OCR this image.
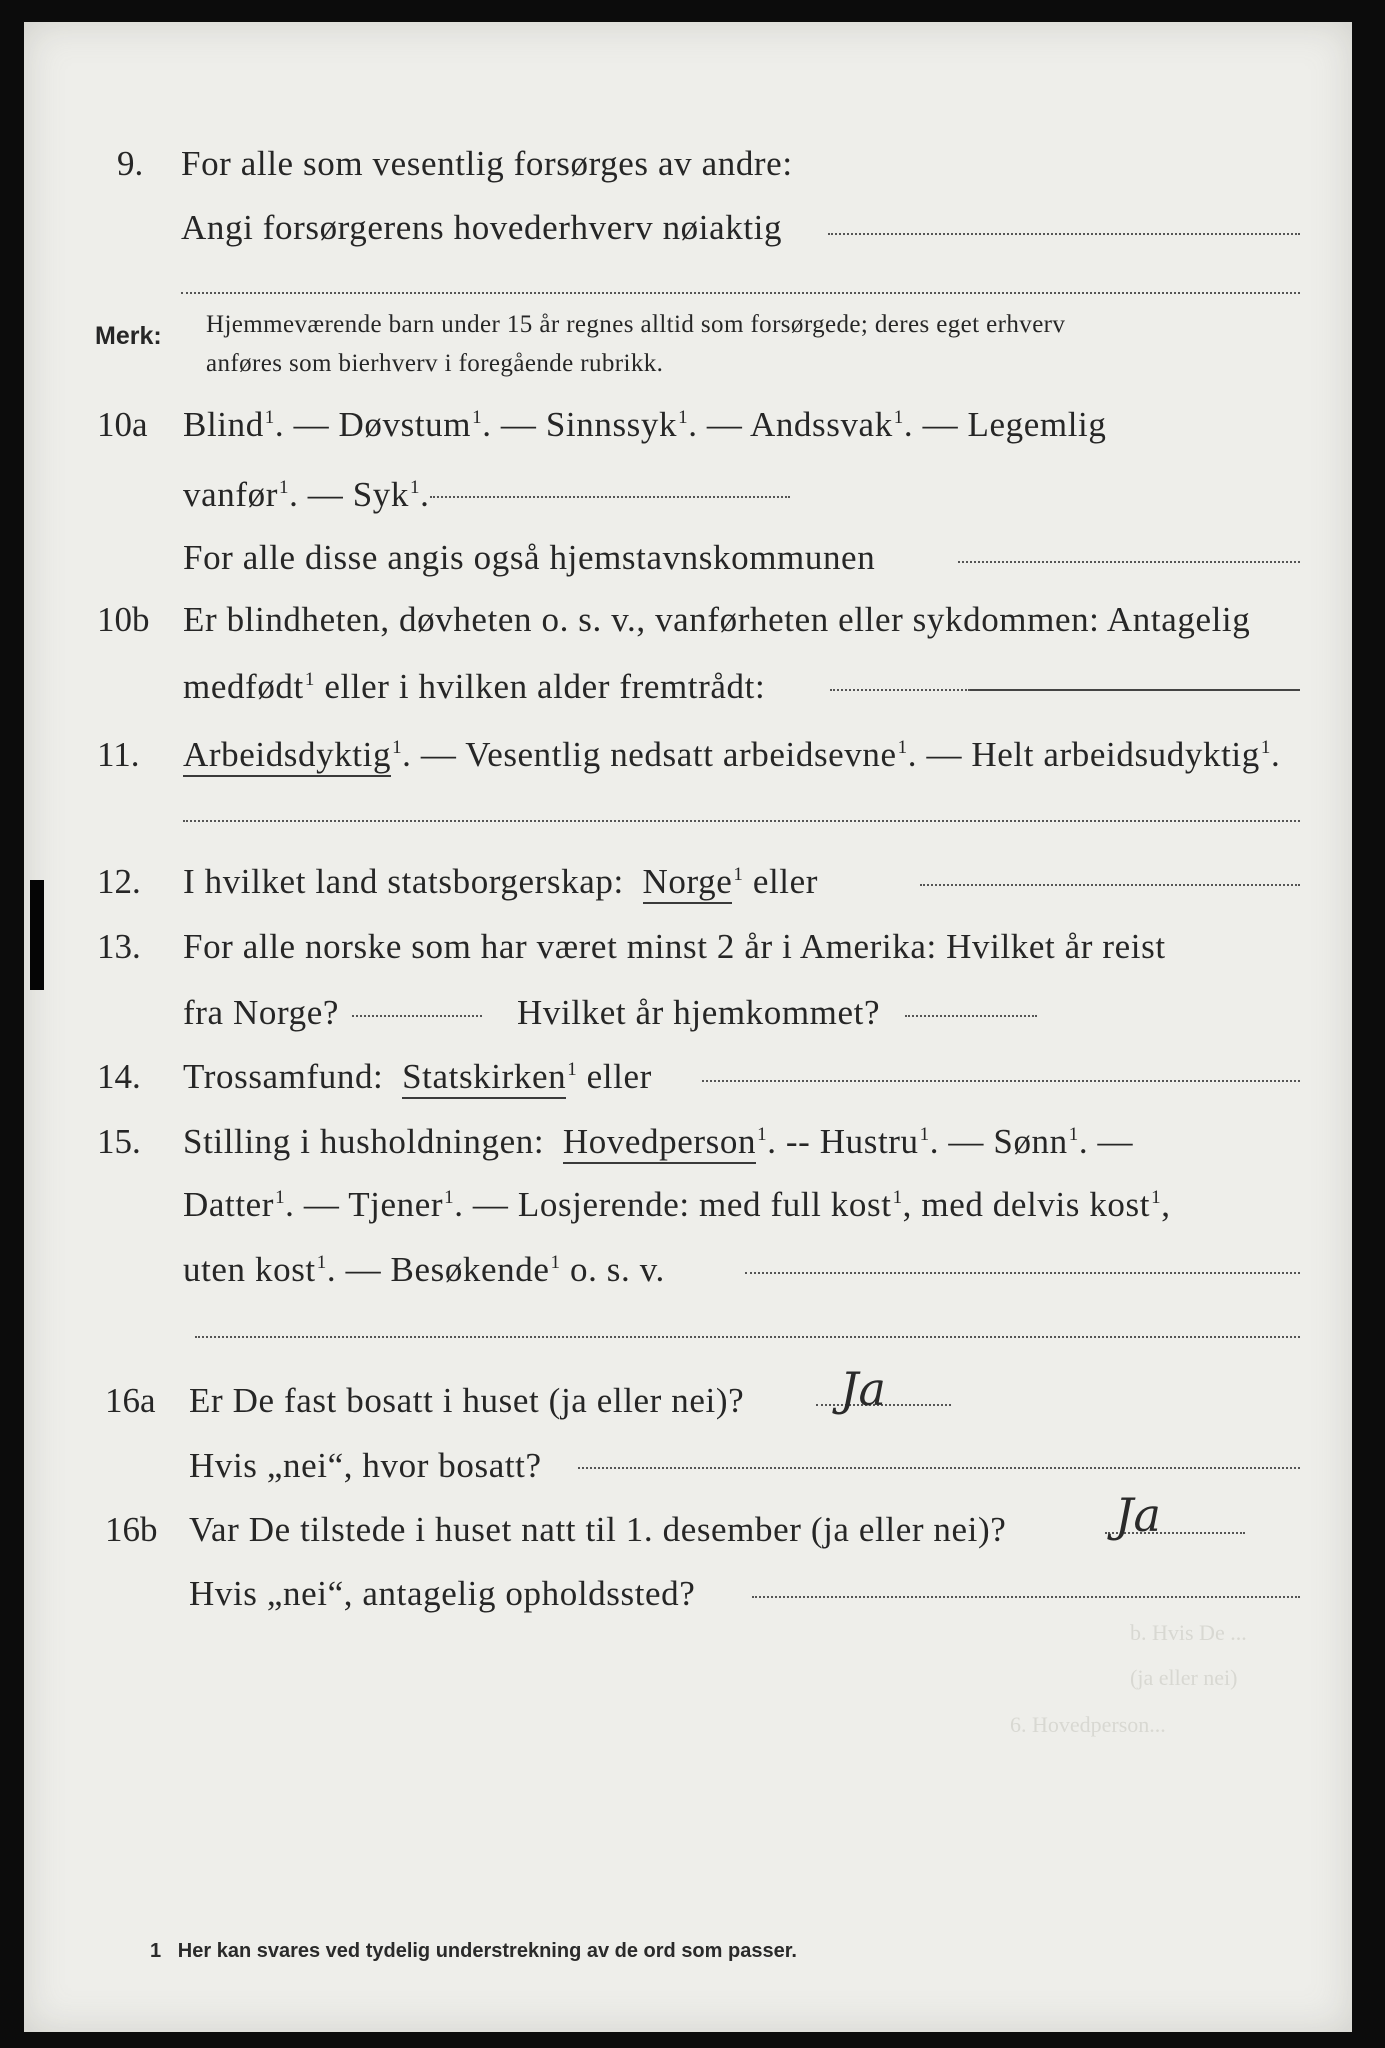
9. For alle som vesentlig forsørges av andre:
Angi forsørgerens hovederhverv nøiaktig
Merk: Hjemmeværende barn under 15 år regnes alltid som forsørgede; deres eget erhverv
anføres som bierhverv i foregående rubrikk.
10a Blind$^1$. — Døvstum$^1$. — Sinnssyk$^1$. — Andssvak$^1$. — Legemlig
vanfør$^1$. — Syk$^1$.
For alle disse angis også hjemstavnskommunen
10b Er blindheten, døvheten o. s. v., vanførheten eller sykdommen: Antagelig
medfødt$^1$ eller i hvilken alder fremtrådt:
11. Arbeidsdyktig$^1$. — Vesentlig nedsatt arbeidsevne$^1$. — Helt arbeidsudyktig$^1$.
12. I hvilket land statsborgerskap: Norge$^1$ eller
13. For alle norske som har været minst 2 år i Amerika: Hvilket år reist
fra Norge?	Hvilket år hjemkommet?
14. Trossamfund: Statskirken$^1$ eller
15. Stilling i husholdningen: Hovedperson$^1$. -- Hustru$^1$. — Sønn$^1$. —
Datter$^1$. — Tjener$^1$. — Losjerende: med full kost$^1$, med delvis kost$^1$,
uten kost$^1$. — Besøkende$^1$ o. s. v.
16a Er De fast bosatt i huset (ja eller nei)? Ja
Hvis „nei“, hvor bosatt?
16b Var De tilstede i huset natt til 1. desember (ja eller nei)? Ja
Hvis „nei“, antagelig opholdssted?
b. Hvis De ...
(ja eller nei)
6. Hovedperson...
1 Her kan svares ved tydelig understrekning av de ord som passer.
